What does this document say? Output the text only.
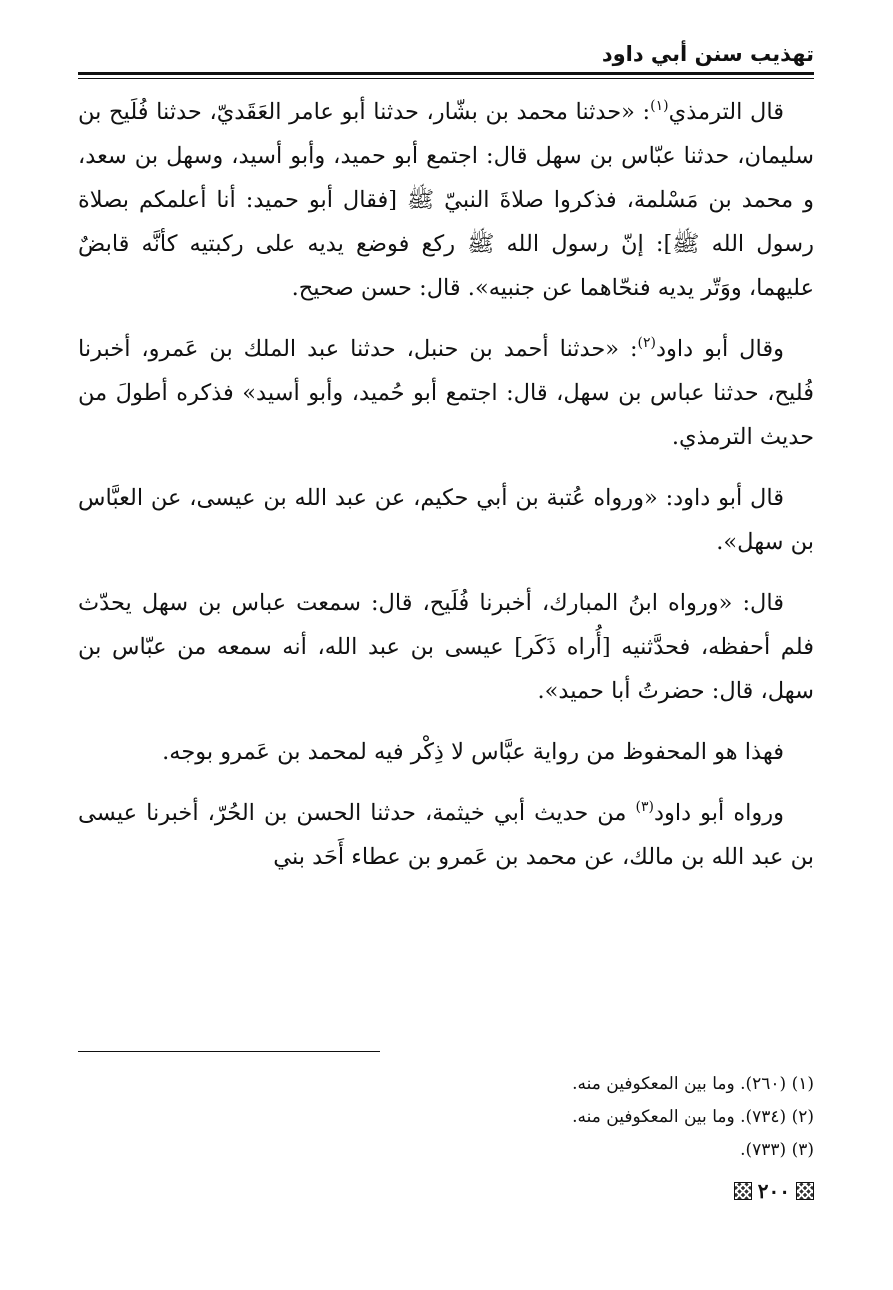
تهذيب سنن أبي داود

قال الترمذي$^{(١)}$: «حدثنا محمد بن بشّار، حدثنا أبو عامر العَقَديّ، حدثنا فُلَيح بن سليمان، حدثنا عبّاس بن سهل قال: اجتمع أبو حميد، وأبو أسيد، وسهل بن سعد، و محمد بن مَسْلمة، فذكروا صلاةَ النبيّ ﷺ [فقال أبو حميد: أنا أعلمكم بصلاة رسول الله ﷺ]: إنّ رسول الله ﷺ ركع فوضع يديه على ركبتيه كأنَّه قابضٌ عليهما، ووَتّر يديه فنحّاهما عن جنبيه». قال: حسن صحيح.

وقال أبو داود$^{(٢)}$: «حدثنا أحمد بن حنبل، حدثنا عبد الملك بن عَمرو، أخبرنا فُليح، حدثنا عباس بن سهل، قال: اجتمع أبو حُميد، وأبو أسيد» فذكره أطولَ من حديث الترمذي.

قال أبو داود: «ورواه عُتبة بن أبي حكيم، عن عبد الله بن عيسى، عن العبَّاس بن سهل».

قال: «ورواه ابنُ المبارك، أخبرنا فُلَيح، قال: سمعت عباس بن سهل يحدّث فلم أحفظه، فحدَّثنيه [أُراه ذَكَر] عيسى بن عبد الله، أنه سمعه من عبّاس بن سهل، قال: حضرتُ أبا حميد».

فهذا هو المحفوظ من رواية عبَّاس لا ذِكْر فيه لمحمد بن عَمرو بوجه.

ورواه أبو داود$^{(٣)}$ من حديث أبي خيثمة، حدثنا الحسن بن الحُرّ، أخبرنا عيسى بن عبد الله بن مالك، عن محمد بن عَمرو بن عطاء أَحَد بني

(١) (٢٦٠). وما بين المعكوفين منه.
(٢) (٧٣٤). وما بين المعكوفين منه.
(٣) (٧٣٣).
٢٠٠
